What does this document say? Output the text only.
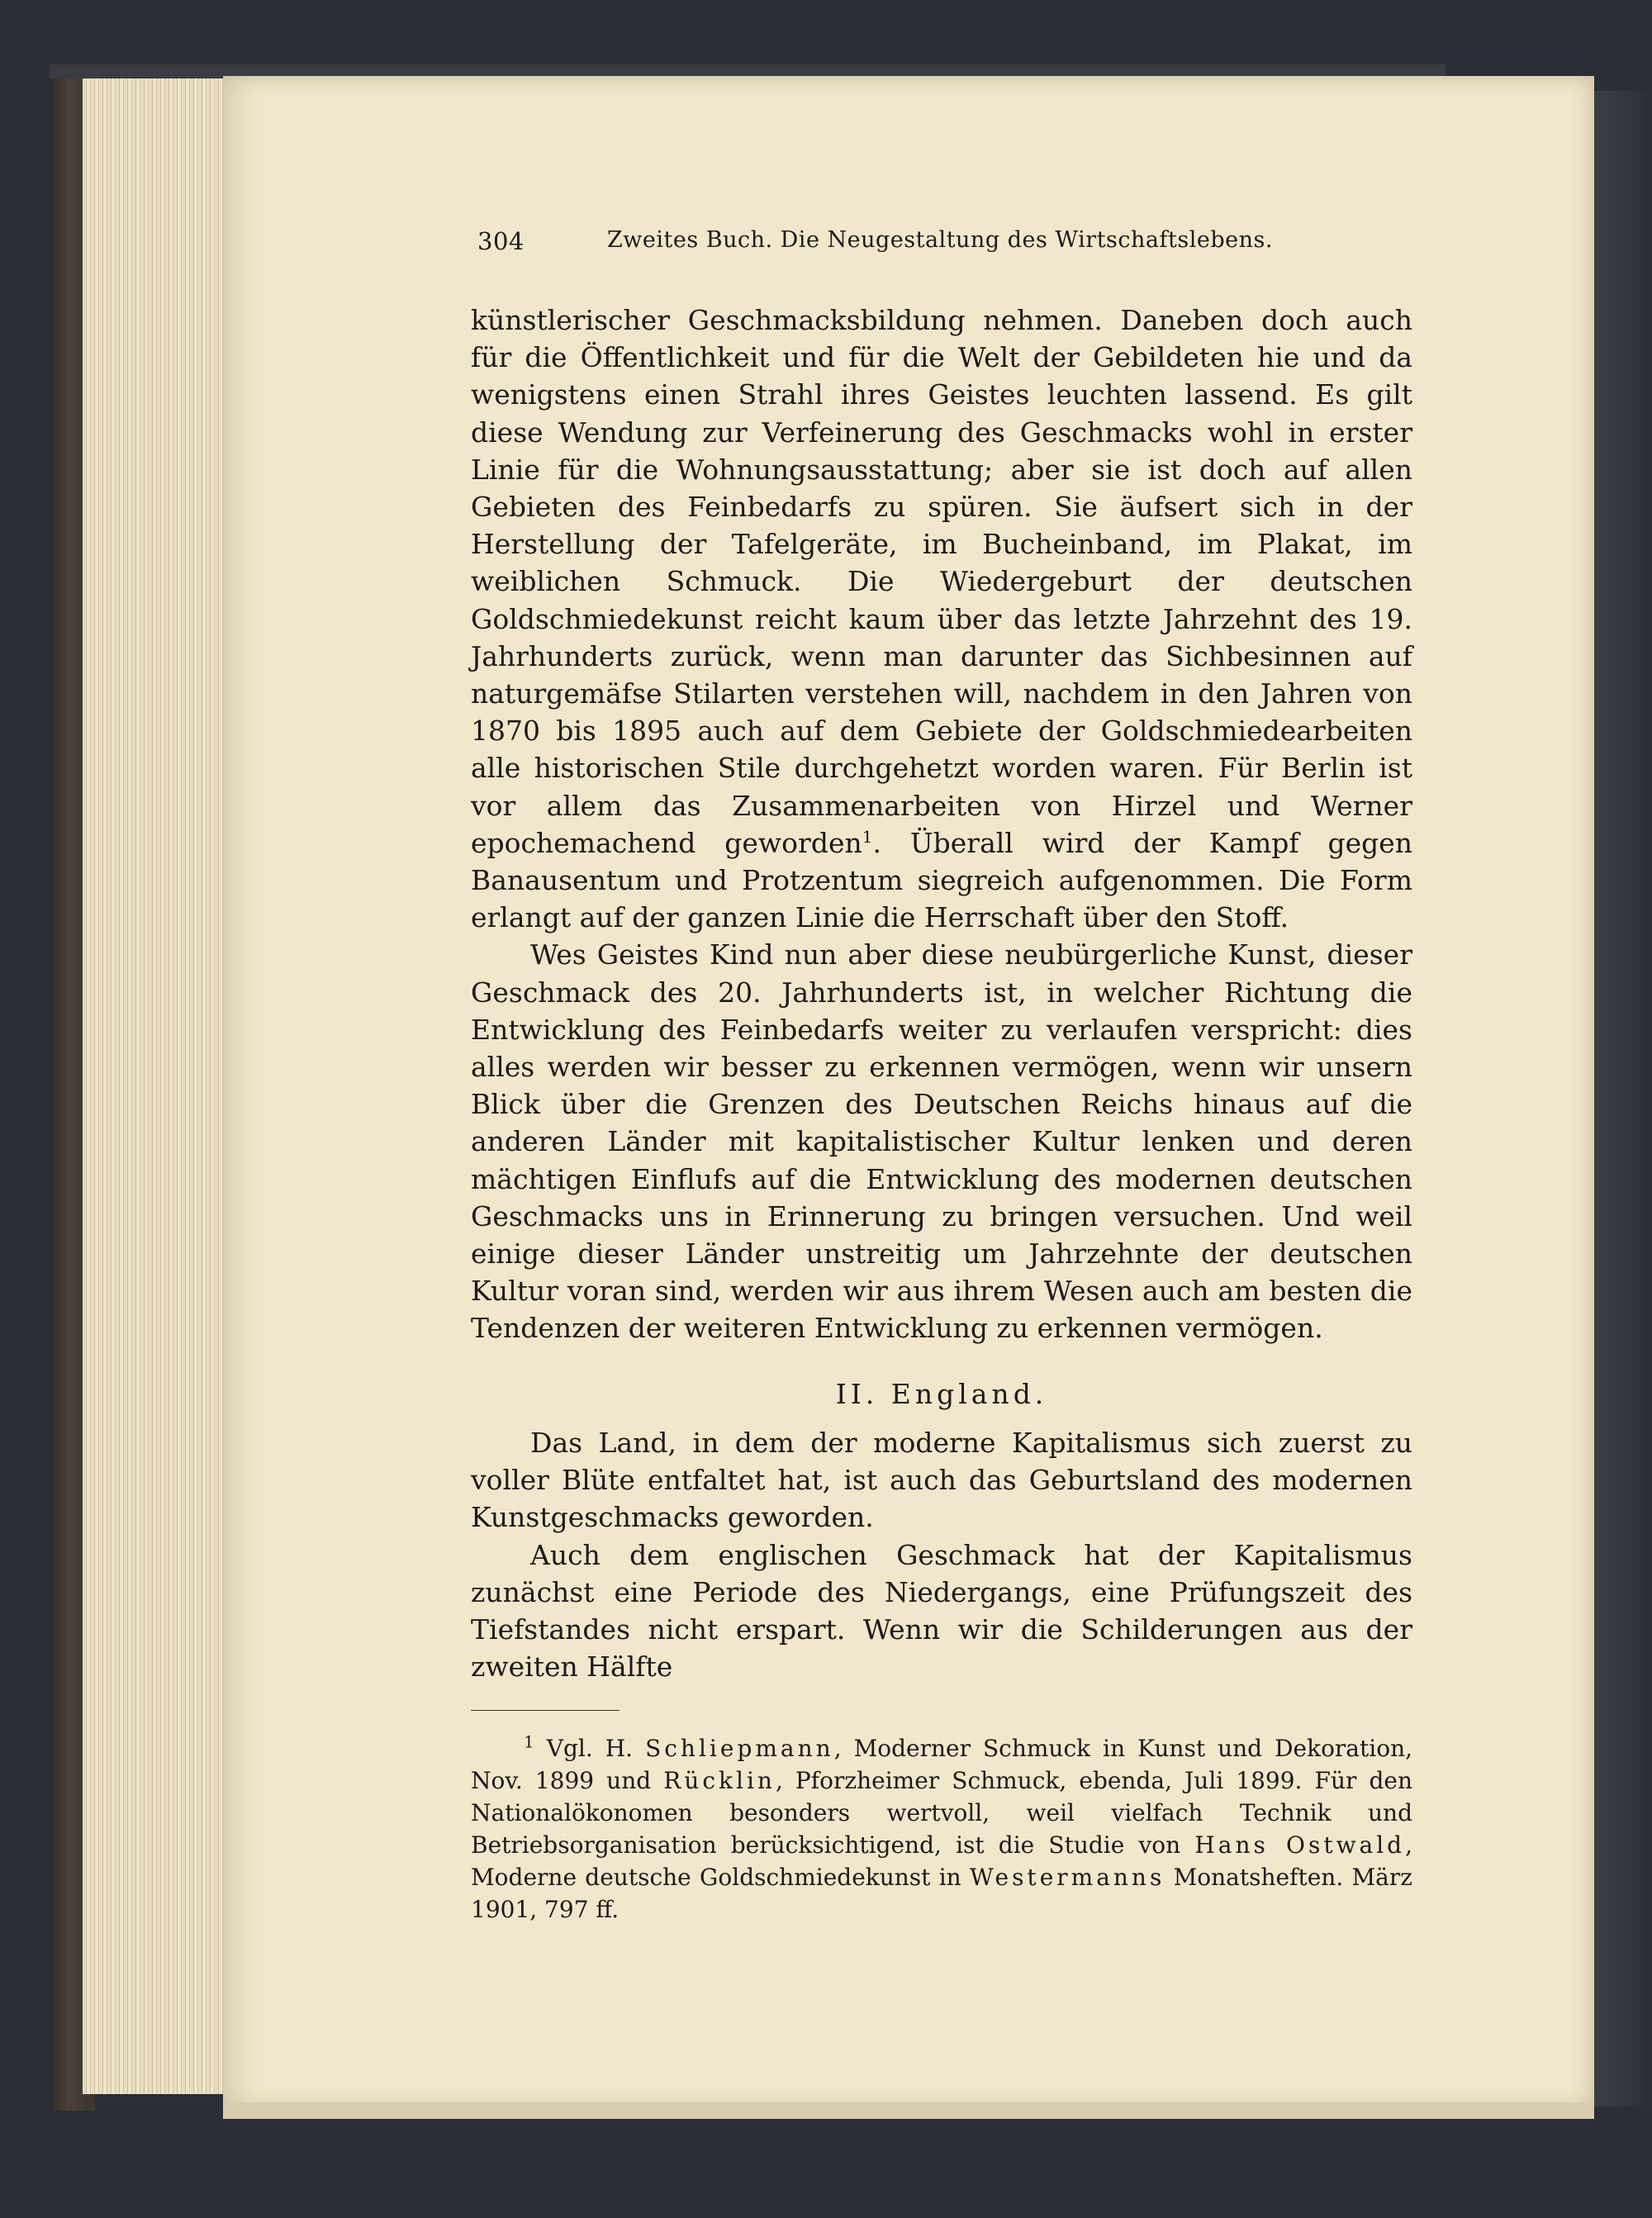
304	Zweites Buch. Die Neugestaltung des Wirtschaftslebens.

künstlerischer Geschmacksbildung nehmen. Daneben doch auch für die Öffentlichkeit und für die Welt der Gebildeten hie und da wenigstens einen Strahl ihres Geistes leuchten lassend. Es gilt diese Wendung zur Verfeinerung des Geschmacks wohl in erster Linie für die Wohnungsausstattung; aber sie ist doch auf allen Gebieten des Feinbedarfs zu spüren. Sie äufsert sich in der Herstellung der Tafelgeräte, im Bucheinband, im Plakat, im weiblichen Schmuck. Die Wiedergeburt der deutschen Goldschmiedekunst reicht kaum über das letzte Jahrzehnt des 19. Jahrhunderts zurück, wenn man darunter das Sichbesinnen auf naturgemäfse Stilarten verstehen will, nachdem in den Jahren von 1870 bis 1895 auch auf dem Gebiete der Goldschmiedearbeiten alle historischen Stile durchgehetzt worden waren. Für Berlin ist vor allem das Zusammenarbeiten von Hirzel und Werner epochemachend geworden$^1$. Überall wird der Kampf gegen Banausentum und Protzentum siegreich aufgenommen. Die Form erlangt auf der ganzen Linie die Herrschaft über den Stoff.

Wes Geistes Kind nun aber diese neubürgerliche Kunst, dieser Geschmack des 20. Jahrhunderts ist, in welcher Richtung die Entwicklung des Feinbedarfs weiter zu verlaufen verspricht: dies alles werden wir besser zu erkennen vermögen, wenn wir unsern Blick über die Grenzen des Deutschen Reichs hinaus auf die anderen Länder mit kapitalistischer Kultur lenken und deren mächtigen Einflufs auf die Entwicklung des modernen deutschen Geschmacks uns in Erinnerung zu bringen versuchen. Und weil einige dieser Länder unstreitig um Jahrzehnte der deutschen Kultur voran sind, werden wir aus ihrem Wesen auch am besten die Tendenzen der weiteren Entwicklung zu erkennen vermögen.

II. England.

Das Land, in dem der moderne Kapitalismus sich zuerst zu voller Blüte entfaltet hat, ist auch das Geburtsland des modernen Kunstgeschmacks geworden.

Auch dem englischen Geschmack hat der Kapitalismus zunächst eine Periode des Niedergangs, eine Prüfungszeit des Tiefstandes nicht erspart. Wenn wir die Schilderungen aus der zweiten Hälfte

$^1$ Vgl. H. Schliepmann, Moderner Schmuck in Kunst und Dekoration, Nov. 1899 und Rücklin, Pforzheimer Schmuck, ebenda, Juli 1899. Für den Nationalökonomen besonders wertvoll, weil vielfach Technik und Betriebsorganisation berücksichtigend, ist die Studie von Hans Ostwald, Moderne deutsche Goldschmiedekunst in Westermanns Monatsheften. März 1901, 797 ff.
